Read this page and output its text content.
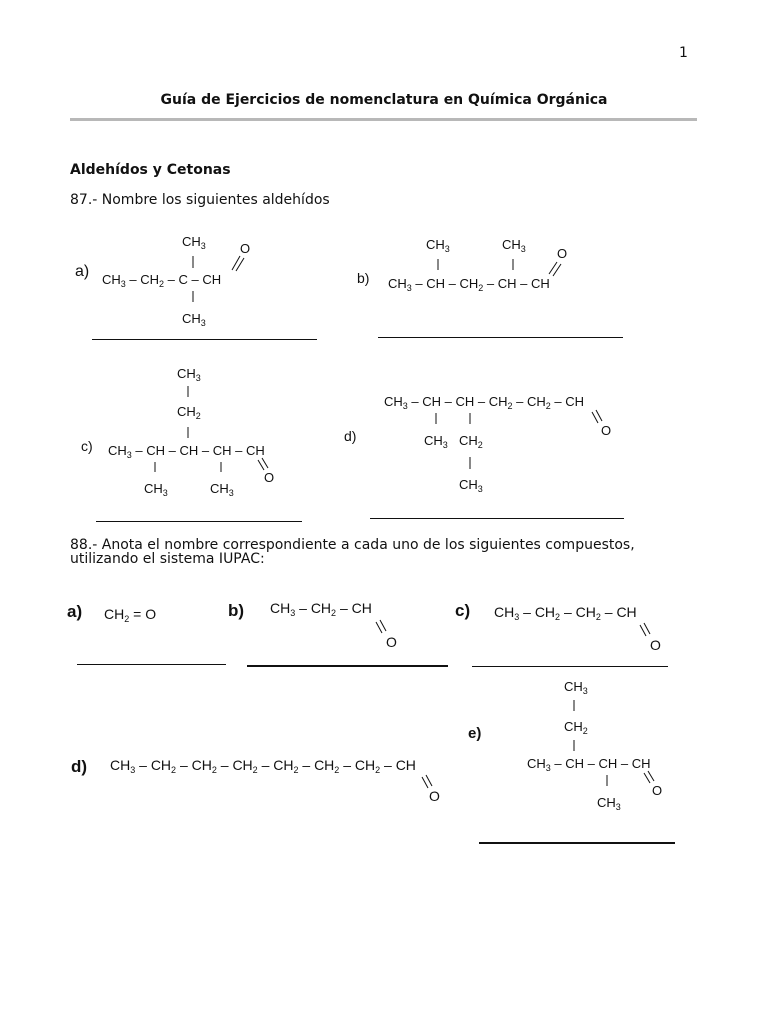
1
Guía de Ejercicios de nomenclatura en Química Orgánica
Aldehídos y Cetonas
87.- Nombre los siguientes aldehídos
88.- Anota el nombre correspondiente a cada uno de los siguientes compuestos,
utilizando el sistema IUPAC:
a)
$CH_3$
$CH_3 - CH_2$ – C – CH
$CH_3$
O
b)
$CH_3$	$CH_3$
$CH_3$ – CH – $CH_2$ – CH – CH
O
c)
$CH_3$
$CH_2$
$CH_3$ – CH – CH – CH – CH
$CH_3$	$CH_3$
O
d)
$CH_3$ – CH – CH – $CH_2 - CH_2$ – CH
$CH_3$ $CH_2$
$CH_3$
O
a) $CH_2 = O$	b) $CH_3 - CH_2$ – CH
O
c) $CH_3 - CH_2 - CH_2$ – CH
O
d) $CH_3 - CH_2 - CH_2 - CH_2 - CH_2 - CH_2 - CH_2$ – CH
O
e)
$CH_3$
$CH_2$
$CH_3$ – CH – CH – CH
$CH_3$
O
